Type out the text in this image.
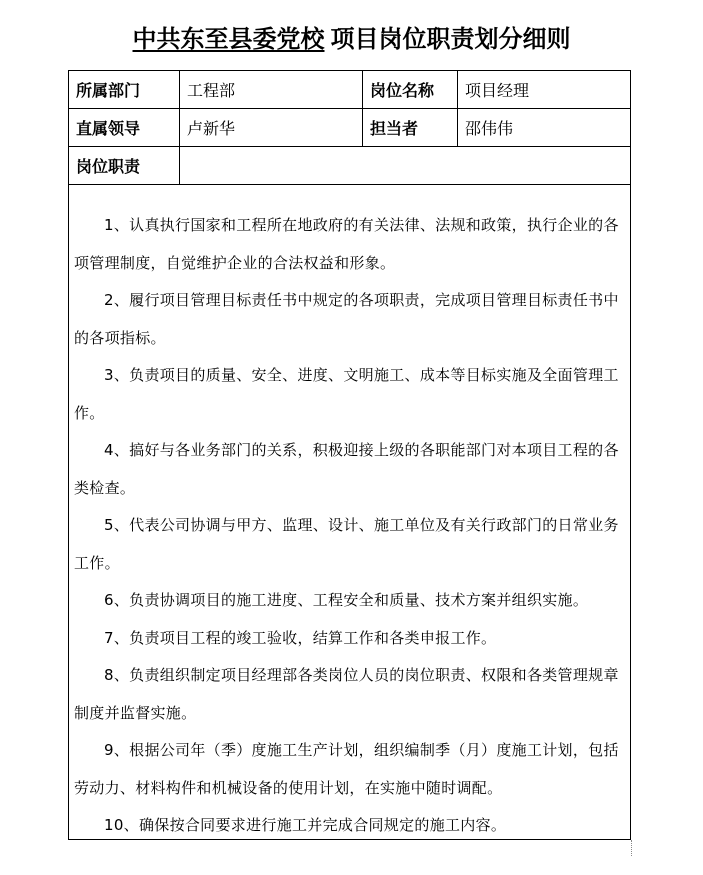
中共东至县委党校 项目岗位职责划分细则
所属部门	工程部	岗位名称	项目经理
直属领导	卢新华	担当者	邵伟伟
岗位职责

1、认真执行国家和工程所在地政府的有关法律、法规和政策，执行企业的各项管理制度，自觉维护企业的合法权益和形象。

2、履行项目管理目标责任书中规定的各项职责，完成项目管理目标责任书中的各项指标。

3、负责项目的质量、安全、进度、文明施工、成本等目标实施及全面管理工作。

4、搞好与各业务部门的关系，积极迎接上级的各职能部门对本项目工程的各类检查。

5、代表公司协调与甲方、监理、设计、施工单位及有关行政部门的日常业务工作。

6、负责协调项目的施工进度、工程安全和质量、技术方案并组织实施。

7、负责项目工程的竣工验收，结算工作和各类申报工作。

8、负责组织制定项目经理部各类岗位人员的岗位职责、权限和各类管理规章制度并监督实施。

9、根据公司年（季）度施工生产计划，组织编制季（月）度施工计划，包括劳动力、材料构件和机械设备的使用计划，在实施中随时调配。

10、确保按合同要求进行施工并完成合同规定的施工内容。
